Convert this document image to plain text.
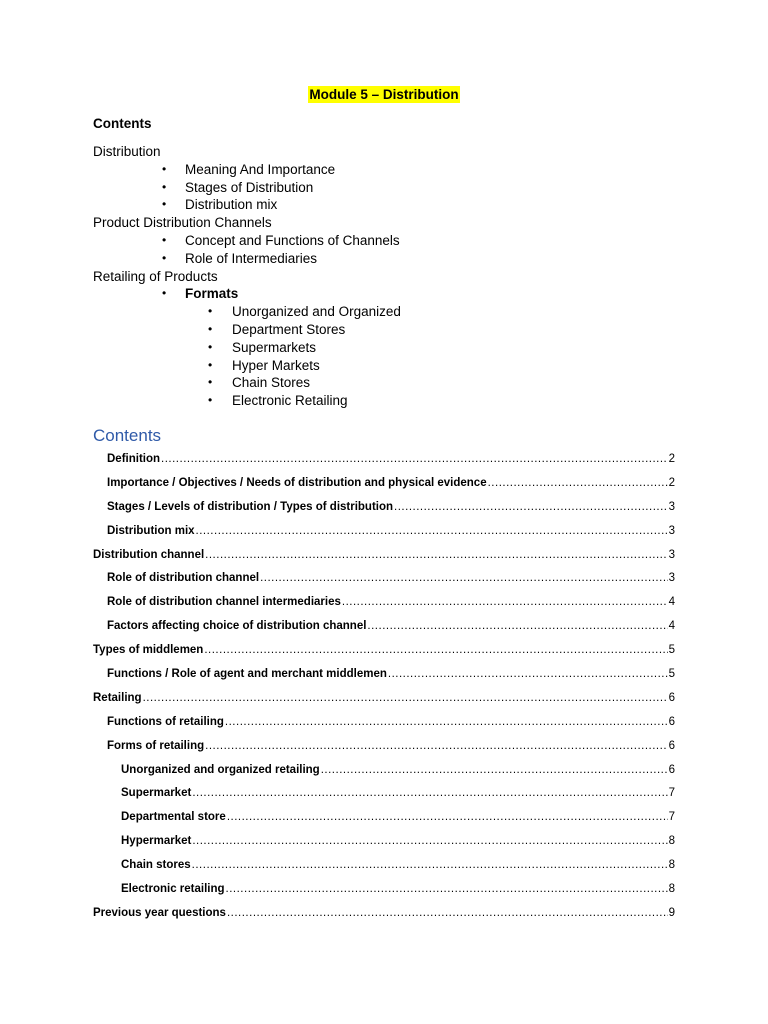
Module 5 – Distribution
Contents
Distribution
• Meaning And Importance
• Stages of Distribution
• Distribution mix
Product Distribution Channels
• Concept and Functions of Channels
• Role of Intermediaries
Retailing of Products
• Formats
• Unorganized and Organized
• Department Stores
• Supermarkets
• Hyper Markets
• Chain Stores
• Electronic Retailing
Contents
Definition .....	2
Importance / Objectives / Needs of distribution and physical evidence .....	2
Stages / Levels of distribution / Types of distribution .....	3
Distribution mix .....	3
Distribution channel .....	3
Role of distribution channel .....	3
Role of distribution channel intermediaries .....	4
Factors affecting choice of distribution channel .....	4
Types of middlemen .....	5
Functions / Role of agent and merchant middlemen .....	5
Retailing .....	6
Functions of retailing .....	6
Forms of retailing .....	6
Unorganized and organized retailing .....	6
Supermarket .....	7
Departmental store .....	7
Hypermarket .....	8
Chain stores .....	8
Electronic retailing .....	8
Previous year questions .....	9
